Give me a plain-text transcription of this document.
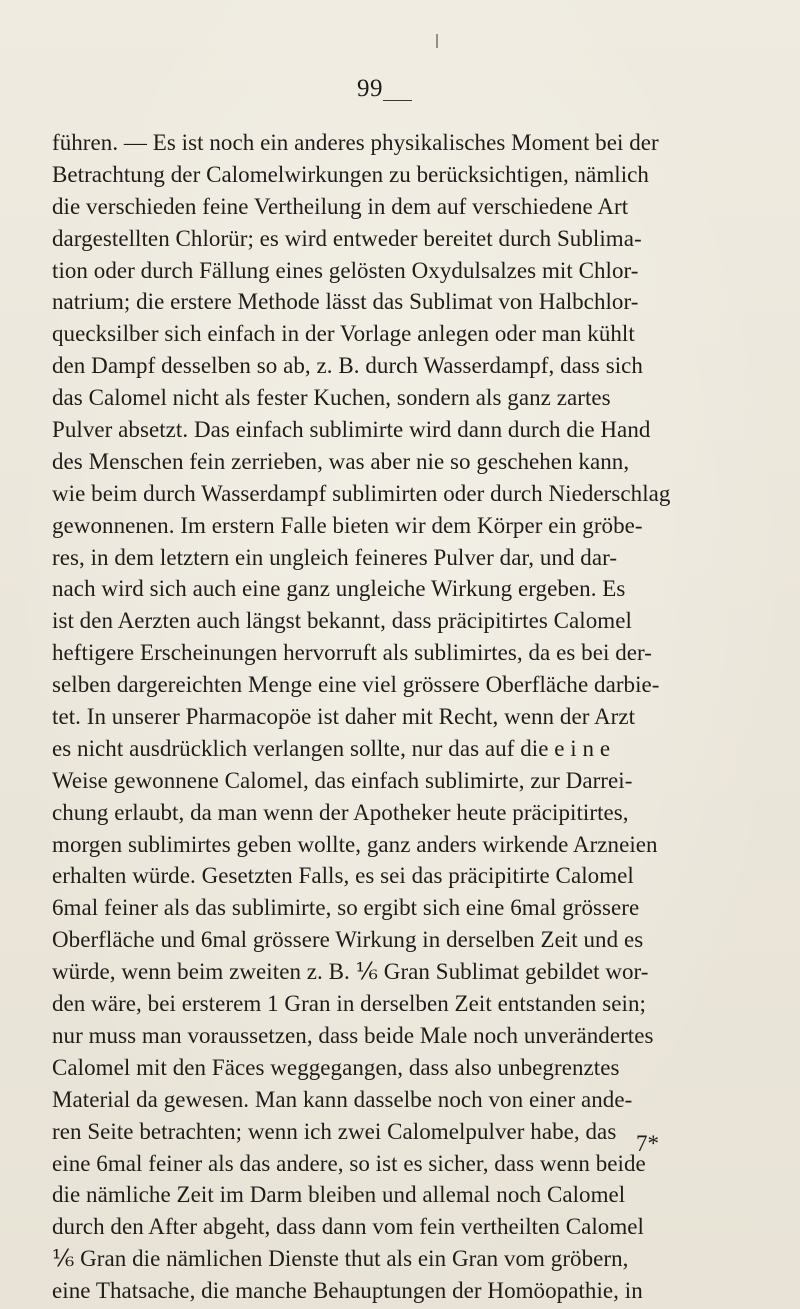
99
führen. — Es ist noch ein anderes physikalisches Moment bei der
Betrachtung der Calomelwirkungen zu berücksichtigen, nämlich
die verschieden feine Vertheilung in dem auf verschiedene Art
dargestellten Chlorür; es wird entweder bereitet durch Sublima-
tion oder durch Fällung eines gelösten Oxydulsalzes mit Chlor-
natrium; die erstere Methode lässt das Sublimat von Halbchlor-
quecksilber sich einfach in der Vorlage anlegen oder man kühlt
den Dampf desselben so ab, z. B. durch Wasserdampf, dass sich
das Calomel nicht als fester Kuchen, sondern als ganz zartes
Pulver absetzt. Das einfach sublimirte wird dann durch die Hand
des Menschen fein zerrieben, was aber nie so geschehen kann,
wie beim durch Wasserdampf sublimirten oder durch Niederschlag
gewonnenen. Im erstern Falle bieten wir dem Körper ein gröbe-
res, in dem letztern ein ungleich feineres Pulver dar, und dar-
nach wird sich auch eine ganz ungleiche Wirkung ergeben. Es
ist den Aerzten auch längst bekannt, dass präcipitirtes Calomel
heftigere Erscheinungen hervorruft als sublimirtes, da es bei der-
selben dargereichten Menge eine viel grössere Oberfläche darbie-
tet. In unserer Pharmacopöe ist daher mit Recht, wenn der Arzt
es nicht ausdrücklich verlangen sollte, nur das auf die e i n e
Weise gewonnene Calomel, das einfach sublimirte, zur Darrei-
chung erlaubt, da man wenn der Apotheker heute präcipitirtes,
morgen sublimirtes geben wollte, ganz anders wirkende Arzneien
erhalten würde. Gesetzten Falls, es sei das präcipitirte Calomel
6mal feiner als das sublimirte, so ergibt sich eine 6mal grössere
Oberfläche und 6mal grössere Wirkung in derselben Zeit und es
würde, wenn beim zweiten z. B. ⅙ Gran Sublimat gebildet wor-
den wäre, bei ersterem 1 Gran in derselben Zeit entstanden sein;
nur muss man voraussetzen, dass beide Male noch unverändertes
Calomel mit den Fäces weggegangen, dass also unbegrenztes
Material da gewesen. Man kann dasselbe noch von einer ande-
ren Seite betrachten; wenn ich zwei Calomelpulver habe, das
eine 6mal feiner als das andere, so ist es sicher, dass wenn beide
die nämliche Zeit im Darm bleiben und allemal noch Calomel
durch den After abgeht, dass dann vom fein vertheilten Calomel
⅙ Gran die nämlichen Dienste thut als ein Gran vom gröbern,
eine Thatsache, die manche Behauptungen der Homöopathie, in
7*
